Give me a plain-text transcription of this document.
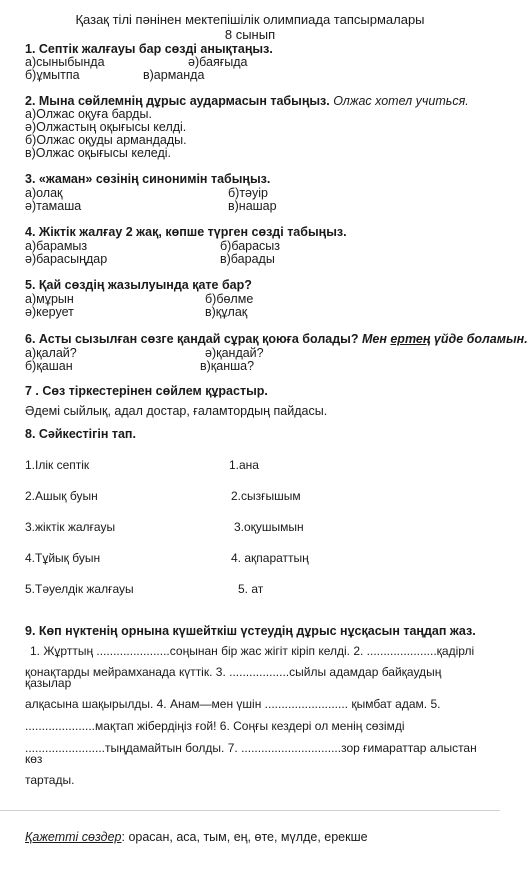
Қазақ тілі пәнінен мектепішілік олимпиада тапсырмалары
8 сынып
1. Септік жалғауы бар сөзді анықтаңыз.
а)сыныбында	ә)баяғыда
б)ұмытпа	в)арманда
2. Мына сөйлемнің дұрыс аудармасын табыңыз. Олжас хотел учиться.
а)Олжас оқуға барды.
ә)Олжастың оқығысы келді.
б)Олжас оқуды армандады.
в)Олжас оқығысы келеді.
3. «жаман» сөзінің синонимін табыңыз.
а)олақ	б)тәуір
ә)тамаша	в)нашар
4. Жіктік жалғау 2 жақ, көпше түрген сөзді табыңыз.
а)барамыз	б)барасыз
ә)барасыңдар	в)барады
5. Қай сөздің жазылуында қате бар?
а)мұрын	б)бөлме
ә)керует	в)құлақ
6. Асты сызылған сөзге қандай сұрақ қоюға болады? Мен ертең үйде боламын.
а)қалай?	ә)қандай?
б)қашан	в)қанша?
7 . Сөз тіркестерінен сөйлем құрастыр.
Әдемі сыйлық, адал достар, ғаламтордың пайдасы.
8. Сәйкестігін тап.
1.Ілік септік	1.ана
2.Ашық буын	2.сызғышым
3.жіктік жалғауы	3.оқушымын
4.Тұйық буын	4. ақпараттың
5.Тәуелдік жалғауы	5. ат
9. Көп нүктенің орнына күшейткіш үстеудің дұрыс нұсқасын таңдап жаз.
1. Жұрттың ......................соңынан бір жас жігіт кіріп келді. 2. .....................қадірлі
қонақтарды мейрамханада күттік. 3. ..................сыйлы адамдар байқаудың
қазылар
алқасына шақырылды. 4. Анам—мен үшін ......................... қымбат адам. 5.
.....................мақтап жібердіңіз ғой! 6. Соңғы кездері ол менің сөзімді
........................тыңдамайтын болды. 7. ..............................зор ғимараттар алыстан
көз
тартады.
Қажетті сөздер: орасан, аса, тым, ең, өте, мүлде, ерекше
